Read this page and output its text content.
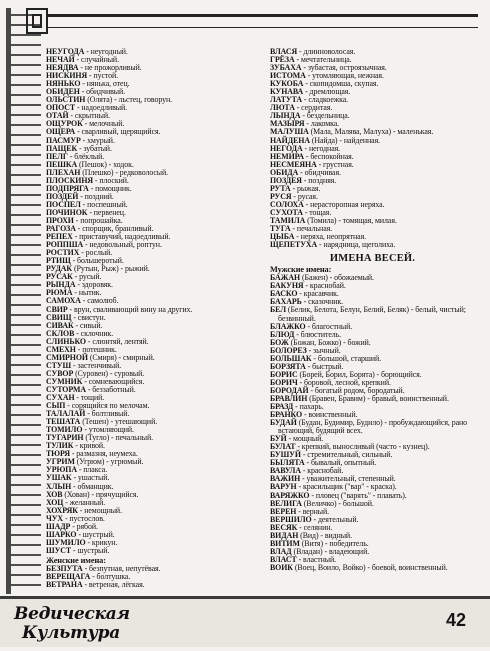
НЕУГОДА - неугодный.

НЕЧАЙ - случайный.

НЕЯДВА - не прожорливый.

НИСКИНЯ - пустой.

НЯНЬКО - нянька, отец.

ОБИДЕН - обидчивый.

ОЛЬСТИН (Олята) - льстец, говорун.

ОПОСТ - надоедливый.

ОТАЙ - скрытный.

ОЩУРОК - мелочный.

ОЩЕРА - сварливый, щерящийся.

ПАСМУР - хмурый.

ПАЩЕК - зубатый.

ПЕЛГ - блёклый.

ПЕШКА (Пешок) - ходок.

ПЛЕХАН (Плешко) - редковолосый.

ПЛОСКИНЯ - плоский.

ПОДПРЯГА - помощник.

ПОЗДЕЙ - поздний.

ПОСПЕЛ - поспешный.

ПОЧИНОК - первенец.

ПРОХИ - попрошайка.

РАГОЗА - спорщик, бранливый.

РЕПЕХ - приставучий, надоедливый.

РОППША - недовольный, роптун.

РОСТИХ - рослый.

РТИЩ - большеротый.

РУДАК (Рутын, Рыж) - рыжий.

РУСАК - русый.

РЫНДА - здоровяк.

РЮМА - нытик.

САМОХА - самолюб.

СВИР - врун, сваливающий вину на других.

СВИЩ - свистун.

СИВАК - сивый.

СКЛОВ - склочник.

СЛИНЬКО - слюнтяй, лентяй.

СМЕХН - потешник.

СМИРНОЙ (Смиря) - смирный.

СТУШ - застенчивый.

СУВОР (Суровен) - суровый.

СУМНИК - сомневающийся.

СУТОРМА - беззаботный.

СУХАН - тощий.

СЫП - сорящийся по мелочам.

ТАЛАЛАЙ - болтливый.

ТЕШАТА (Тешен) - утешающий.

ТОМИЛО - утомляющий.

ТУГАРИН (Тугло) - печальный.

ТУЛИК - кривой.

ТЮРЯ - размазня, неумеха.

УГРИМ (Угрюм) - угрюмый.

УРЮПА - плакса.

УШАК - ушастый.

ХЛЫН - обманщик.

ХОВ (Хован) - прячущийся.

ХОЦ - желанный.

ХОХРЯК - немощный.

ЧУХ - пустослов.

ШАДР - рябой.

ШАРКО - шустрый.

ШУМИЛО - крикун.

ШУСТ - шустрый.

Женские имена:

БЕЗПУТА - безпутная, непутёвая.

ВЕРЕЩАГА - болтушка.

ВЕТРАНА - ветреная, лёгкая.

ВЛАСЯ - длинноволосая.

ГРЁЗА - мечтательница.

ЗУБАХА - зубастая, остроязычная.

ИСТОМА - утомляющая, нежная.

КУКОБА - скопидомша, скупая.

КУНАВА - дремлющая.

ЛАТУТА - сладкоежка.

ЛЮТА - сердитая.

ЛЫНДА - бездельница.

МАЗЫРЯ - лакомка.

МАЛУША (Мала, Малява, Малуха) - маленькая.

НАЙДЕНА (Найда) - найденная.

НЕГОДА - негодная.

НЕМИРА - беспокойная.

НЕСМЕЯНА - грустная.

ОБИДА - обидчивая.

ПОЗДЕЯ - поздняя.

РУТА - рыжая.

РУСЯ - русая.

СОЛОХА - нерасторопная неряха.

СУХОТА - тощая.

ТАМИЛА (Томила) - томящая, милая.

ТУГА - печальная.

ЦЫБА - неряха, неопрятная.

ЩЕПЕТУХА - нарядница, щеголиха.

ИМЕНА ВЕСЕЙ.

Мужские имена:

БАЖАН (Бажен) - обожаемый.

БАКУНЯ - краснобай.

БАСКО - красавчик.

БАХАРЬ - сказочник.

БЕЛ (Белик, Белота, Белун, Белий, Беляк) - белый, чистый; безвинный.

БЛАЖКО - благостный.

БЛЮД - блюститель.

БОЖ (Божан, Божко) - божий.

БОЛОРЕЗ - зычный.

БОЛЬШАК - большой, старший.

БОРЗЯТА - быстрый.

БОРИС (Борей, Борил, Борята) - борющийся.

БОРИЧ - боровой, лесной, крепкий.

БОРОДАЙ - богатый родом, бородатый.

БРАВЛИН (Бравен, Бравим) - бравый, воинственный.

БРАЗД - пахарь.

БРАНКО - воинственный.

БУДАЙ (Будан, Будимир, Будило) - пробуждающийся, рано встающий, будящий всех.

БУЙ - мощный.

БУЛАТ - крепкий, выносливый (часто - кузнец).

БУШУЙ - стремительный, сильный.

БЫЛЯТА - бывалый, опытный.

ВАВУЛА - краснобай.

ВАЖИН - уважительный, степенный.

ВАРУН - красильщик ("вар" - краска).

ВАРЯЖКО - пловец ("варять" - плавать).

ВЕЛИГА (Величко) - большой.

ВЕРЕН - верный.

ВЕРШИЛО - деятельный.

ВЕСЯК - селянин.

ВИДАН (Вид) - видный.

ВИТИМ (Витя) - победитель.

ВЛАД (Владан) - владеющий.

ВЛАСТ - властный.

ВОИК (Воец, Воило, Войко) - боевой, воинственный.

Ведическая
Культура
42
